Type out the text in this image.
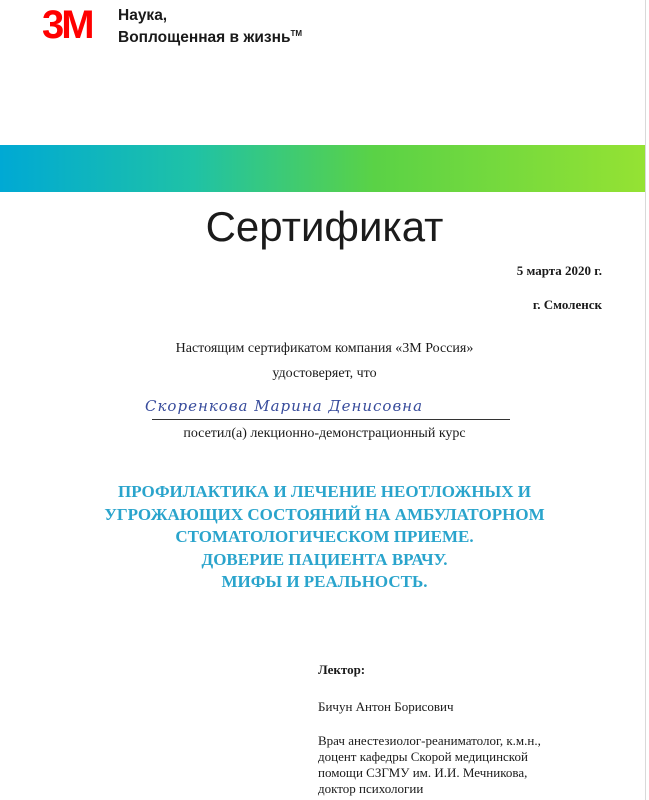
3M Наука,
Воплощенная в жизнь™
Сертификат
5 марта 2020 г.
г. Смоленск
Настоящим сертификатом компания «3М Россия»
удостоверяет, что
Скоренкова Марина Денисовна
посетил(а) лекционно-демонстрационный курс
ПРОФИЛАКТИКА И ЛЕЧЕНИЕ НЕОТЛОЖНЫХ И
УГРОЖАЮЩИХ СОСТОЯНИЙ НА АМБУЛАТОРНОМ
СТОМАТОЛОГИЧЕСКОМ ПРИЕМЕ.
ДОВЕРИЕ ПАЦИЕНТА ВРАЧУ.
МИФЫ И РЕАЛЬНОСТЬ.
Лектор:
Бичун Антон Борисович
Врач анестезиолог-реаниматолог, к.м.н.,
доцент кафедры Скорой медицинской
помощи СЗГМУ им. И.И. Мечникова,
доктор психологии
